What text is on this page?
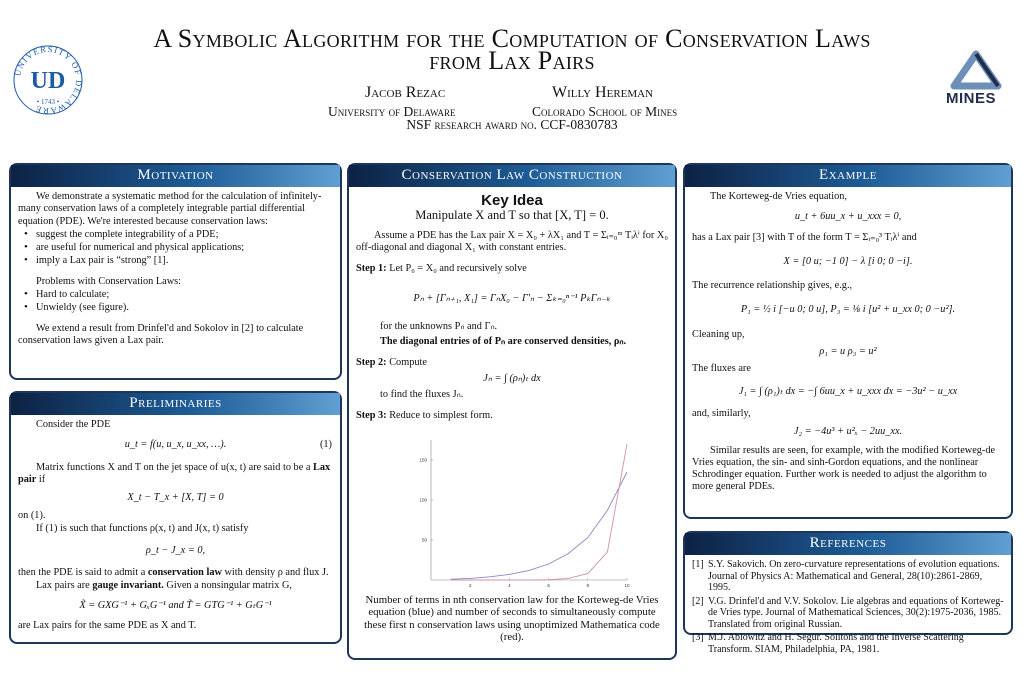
A Symbolic Algorithm for the Computation of Conservation Laws
from Lax Pairs
Jacob Rezac	Willy Hereman
University of Delaware	Colorado School of Mines
NSF research award no. CCF-0830783
UNIVERSITY OF DELAWARE
UD
• 1743 •	MINES
Motivation

We demonstrate a systematic method for the calculation of infinitely-many conservation laws of a completely integrable partial differential equation (PDE). We're interested because conservation laws:

• suggest the complete integrability of a PDE;

• are useful for numerical and physical applications;

• imply a Lax pair is “strong” [1].

Problems with Conservation Laws:

• Hard to calculate;

• Unwieldy (see figure).

We extend a result from Drinfel'd and Sokolov in [2] to calculate conservation laws given a Lax pair.

Preliminaries

Consider the PDE

u_t = f(u, u_x, u_xx, …).	(1)

Matrix functions X and T on the jet space of u(x, t) are said to be a Lax pair if

X_t − T_x + [X, T] = 0

on (1).

If (1) is such that functions ρ(x, t) and J(x, t) satisfy

ρ_t − J_x = 0,

then the PDE is said to admit a conservation law with density ρ and flux J.

Lax pairs are gauge invariant. Given a nonsingular matrix G,

X̃ = GXG⁻¹ + GₓG⁻¹ and T̃ = GTG⁻¹ + GₜG⁻¹

are Lax pairs for the same PDE as X and T.

Conservation Law Construction
Key Idea
Manipulate X and T so that [X, T] = 0.

Assume a PDE has the Lax pair X = X₀ + λX₁ and T = Σᵢ₌₀ᵐ Tᵢλⁱ for X₀ off-diagonal and diagonal X₁ with constant entries.

Step 1: Let P₀ = X₀ and recursively solve

Pₙ + [Γₙ₊₁, X₁] = ΓₙX₀ − Γ′ₙ − Σₖ₌₀ⁿ⁻¹ PₖΓₙ₋ₖ

for the unknowns Pₙ and Γₙ.

The diagonal entries of of Pₙ are conserved densities, ρₙ.

Step 2: Compute

Jₙ = ∫ (ρₙ)ₜ dx

to find the fluxes Jₙ.

Step 3: Reduce to simplest form.

2	4	6	8	10
50
100
150
Number of terms in nth conservation law for the Korteweg-de Vries equation (blue) and number of seconds to simultaneously compute these first n conservation laws using unoptimized Mathematica code (red).
Example

The Korteweg-de Vries equation,

u_t + 6uu_x + u_xxx = 0,

has a Lax pair [3] with T of the form T = Σᵢ₌₀³ Tᵢλⁱ and

X = [0 u; −1 0] − λ [i 0; 0 −i].

The recurrence relationship gives, e.g.,

P₁ = ½ i [−u 0; 0 u], P₃ = ⅛ i [u² + u_xx 0; 0 −u²].

Cleaning up,

ρ₁ = u ρ₃ = u²

The fluxes are

J₁ = ∫ (ρ₁)ₜ dx = −∫ 6uu_x + u_xxx dx = −3u² − u_xx

and, similarly,

J₂ = −4u³ + u²ₓ − 2uu_xx.

Similar results are seen, for example, with the modified Korteweg-de Vries equation, the sin- and sinh-Gordon equations, and the nonlinear Schrodinger equation. Further work is needed to adjust the algorithm to more general PDEs.

References
[1] S.Y. Sakovich. On zero-curvature representations of evolution equations. Journal of Physics A: Mathematical and General, 28(10):2861-2869, 1995.
[2] V.G. Drinfel'd and V.V. Sokolov. Lie algebras and equations of Korteweg-de Vries type. Journal of Mathematical Sciences, 30(2):1975-2036, 1985. Translated from original Russian.
[3] M.J. Ablowitz and H. Segur. Solitons and the Inverse Scattering Transform. SIAM, Philadelphia, PA, 1981.
